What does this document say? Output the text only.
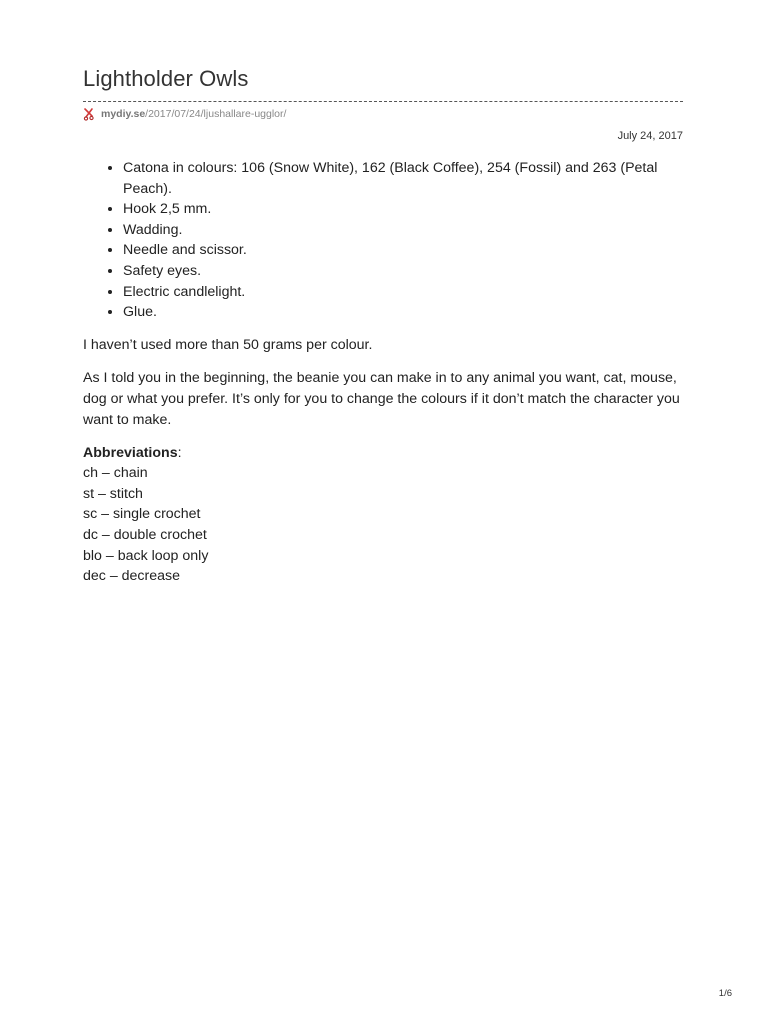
Lightholder Owls
mydiy.se /2017/07/24/ljushallare-ugglor/
July 24, 2017
• Catona in colours: 106 (Snow White), 162 (Black Coffee), 254 (Fossil) and 263 (Petal Peach).
• Hook 2,5 mm.
• Wadding.
• Needle and scissor.
• Safety eyes.
• Electric candlelight.
• Glue.

I haven’t used more than 50 grams per colour.

As I told you in the beginning, the beanie you can make in to any animal you want, cat, mouse, dog or what you prefer. It’s only for you to change the colours if it don’t match the character you want to make.

Abbreviations:
ch – chain
st – stitch
sc – single crochet
dc – double crochet
blo – back loop only
dec – decrease
1/6
